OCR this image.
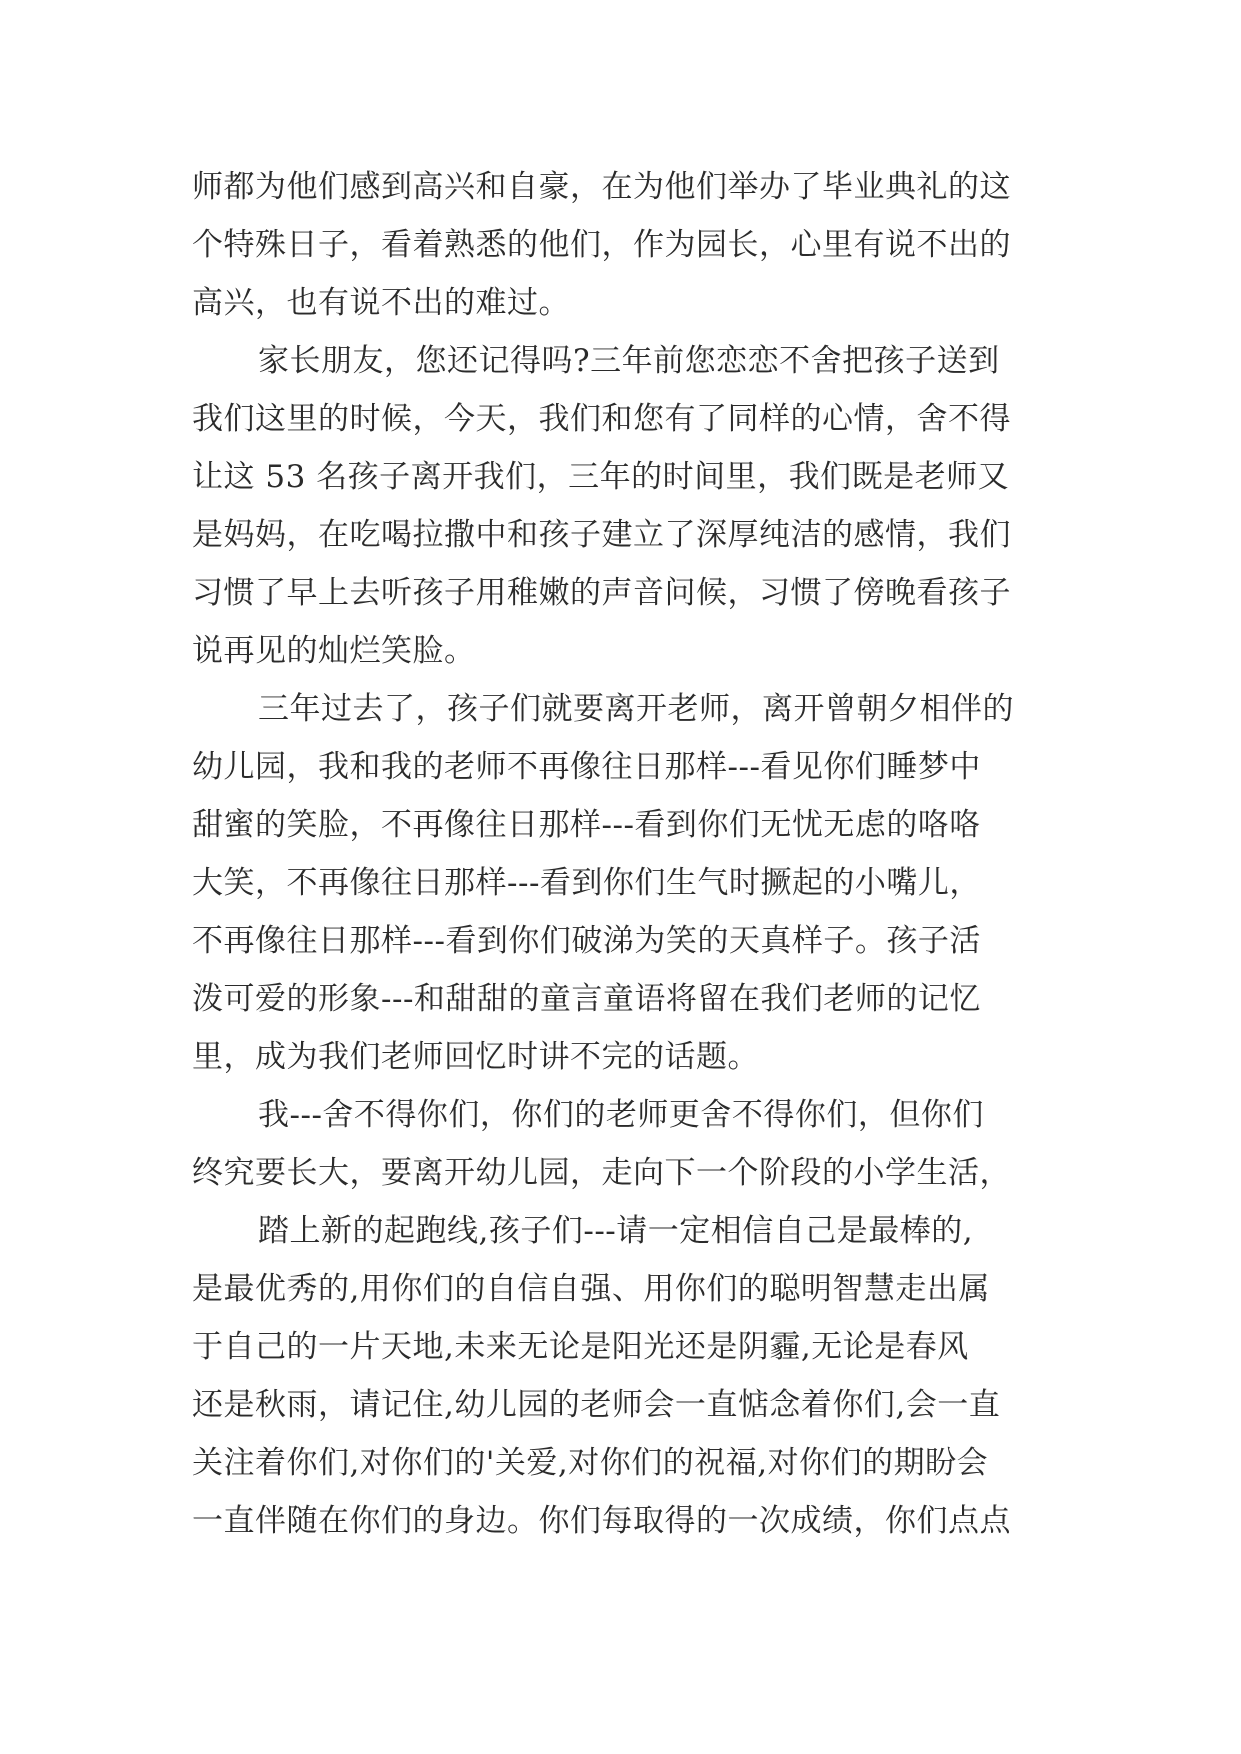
师都为他们感到高兴和自豪，在为他们举办了毕业典礼的这
个特殊日子，看着熟悉的他们，作为园长，心里有说不出的
高兴，也有说不出的难过。
家长朋友，您还记得吗?三年前您恋恋不舍把孩子送到
我们这里的时候，今天，我们和您有了同样的心情，舍不得
让这 53 名孩子离开我们，三年的时间里，我们既是老师又
是妈妈，在吃喝拉撒中和孩子建立了深厚纯洁的感情，我们
习惯了早上去听孩子用稚嫩的声音问候，习惯了傍晚看孩子
说再见的灿烂笑脸。
三年过去了，孩子们就要离开老师，离开曾朝夕相伴的
幼儿园，我和我的老师不再像往日那样---看见你们睡梦中
甜蜜的笑脸，不再像往日那样---看到你们无忧无虑的咯咯
大笑，不再像往日那样---看到你们生气时撅起的小嘴儿，
不再像往日那样---看到你们破涕为笑的天真样子。孩子活
泼可爱的形象---和甜甜的童言童语将留在我们老师的记忆
里，成为我们老师回忆时讲不完的话题。
我---舍不得你们，你们的老师更舍不得你们，但你们
终究要长大，要离开幼儿园，走向下一个阶段的小学生活，
踏上新的起跑线,孩子们---请一定相信自己是最棒的,
是最优秀的,用你们的自信自强、用你们的聪明智慧走出属
于自己的一片天地,未来无论是阳光还是阴霾,无论是春风
还是秋雨，请记住,幼儿园的老师会一直惦念着你们,会一直
关注着你们,对你们的'关爱,对你们的祝福,对你们的期盼会
一直伴随在你们的身边。你们每取得的一次成绩，你们点点
